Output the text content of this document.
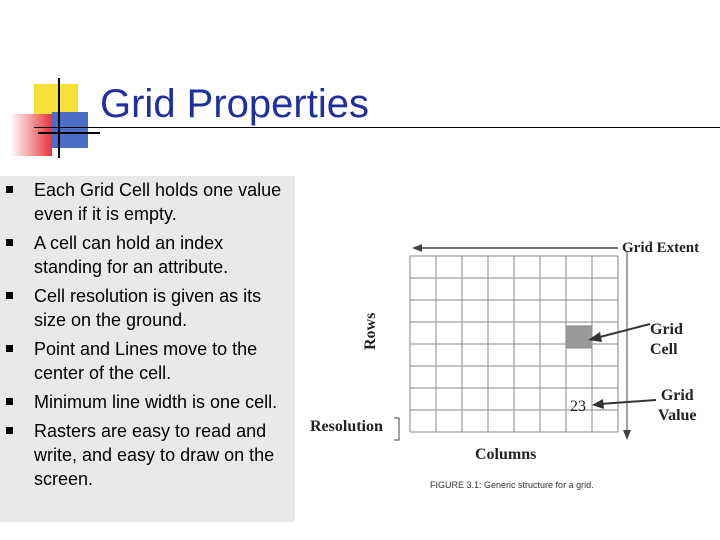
Grid Properties
Each Grid Cell holds one value even if it is empty.
A cell can hold an index standing for an attribute.
Cell resolution is given as its size on the ground.
Point and Lines move to the center of the cell.
Minimum line width is one cell.
Rasters are easy to read and write, and easy to draw on the screen.
Grid Extent
Grid
Cell
Grid
Value
23
Rows
Columns
Resolution
FIGURE 3.1: Generic structure for a grid.
